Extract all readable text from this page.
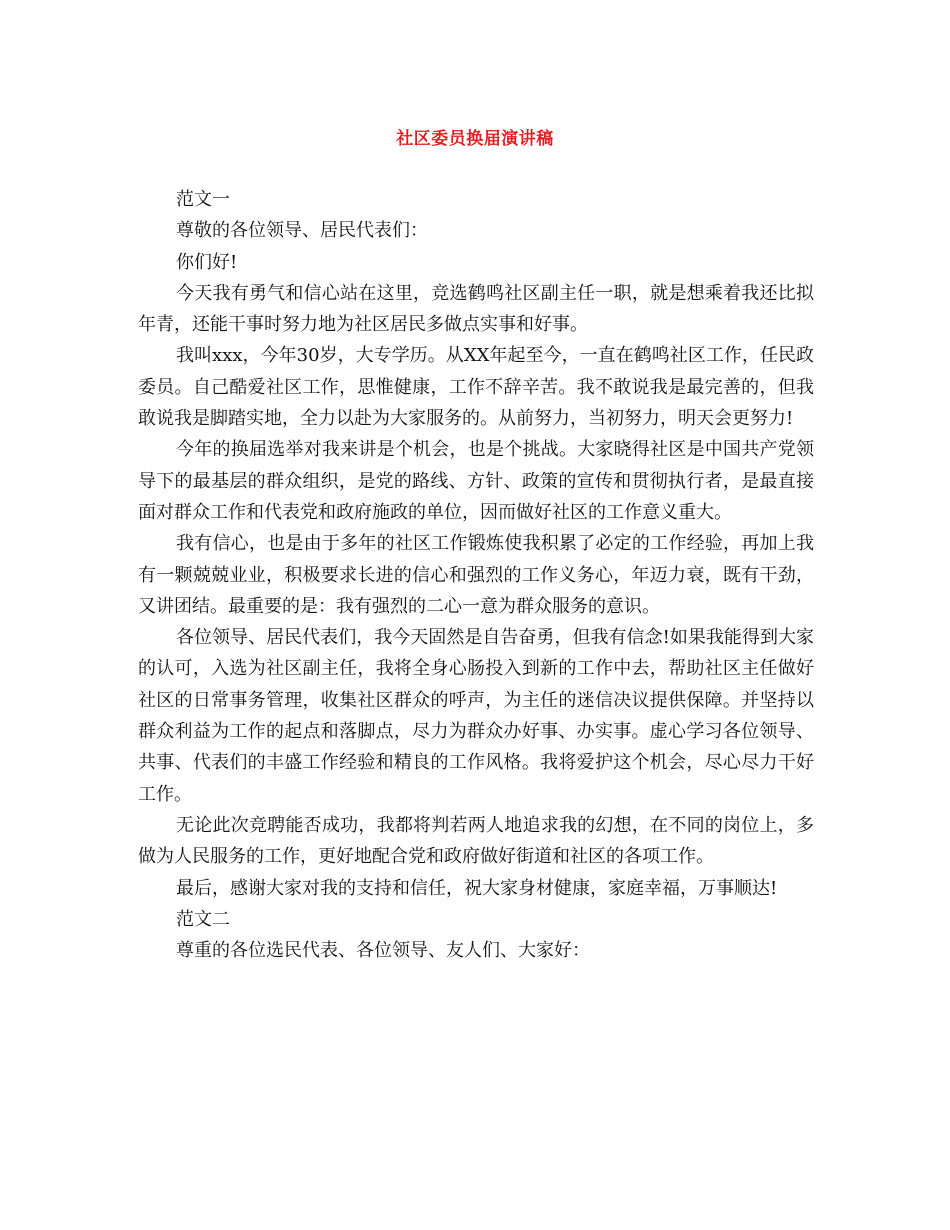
社区委员换届演讲稿

范文一

尊敬的各位领导、居民代表们：

你们好!

今天我有勇气和信心站在这里，竞选鹤鸣社区副主任一职，就是想乘着我还比拟年青，还能干事时努力地为社区居民多做点实事和好事。

我叫xxx，今年30岁，大专学历。从XX年起至今，一直在鹤鸣社区工作，任民政委员。自己酷爱社区工作，思惟健康，工作不辞辛苦。我不敢说我是最完善的，但我敢说我是脚踏实地，全力以赴为大家服务的。从前努力，当初努力，明天会更努力!

今年的换届选举对我来讲是个机会，也是个挑战。大家晓得社区是中国共产党领导下的最基层的群众组织，是党的路线、方针、政策的宣传和贯彻执行者，是最直接面对群众工作和代表党和政府施政的单位，因而做好社区的工作意义重大。

我有信心，也是由于多年的社区工作锻炼使我积累了必定的工作经验，再加上我有一颗兢兢业业，积极要求长进的信心和强烈的工作义务心，年迈力衰，既有干劲，又讲团结。最重要的是：我有强烈的二心一意为群众服务的意识。

各位领导、居民代表们，我今天固然是自告奋勇，但我有信念!如果我能得到大家的认可，入选为社区副主任，我将全身心肠投入到新的工作中去，帮助社区主任做好社区的日常事务管理，收集社区群众的呼声，为主任的迷信决议提供保障。并坚持以群众利益为工作的起点和落脚点，尽力为群众办好事、办实事。虚心学习各位领导、共事、代表们的丰盛工作经验和精良的工作风格。我将爱护这个机会，尽心尽力干好工作。

无论此次竞聘能否成功，我都将判若两人地追求我的幻想，在不同的岗位上，多做为人民服务的工作，更好地配合党和政府做好街道和社区的各项工作。

最后，感谢大家对我的支持和信任，祝大家身材健康，家庭幸福，万事顺达!

范文二

尊重的各位选民代表、各位领导、友人们、大家好：
